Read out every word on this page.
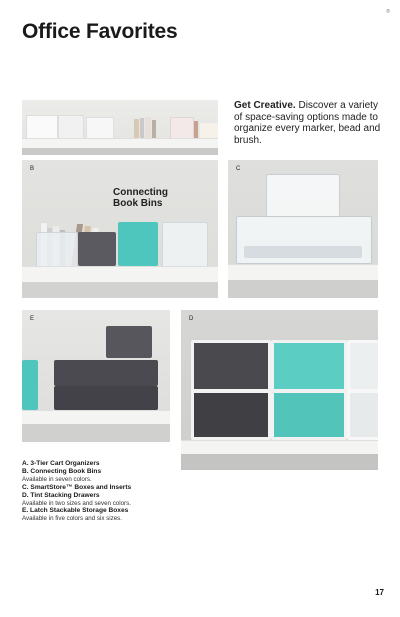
®
Office Favorites
Get Creative. Discover a variety of space-saving options made to organize every marker, bead and brush.
B
Connecting
Book Bins
C
E	D
A. 3-Tier Cart Organizers
B. Connecting Book Bins
Available in seven colors.
C. SmartStore™ Boxes and Inserts
D. Tint Stacking Drawers
Available in two sizes and seven colors.
E. Latch Stackable Storage Boxes
Available in five colors and six sizes.
17
